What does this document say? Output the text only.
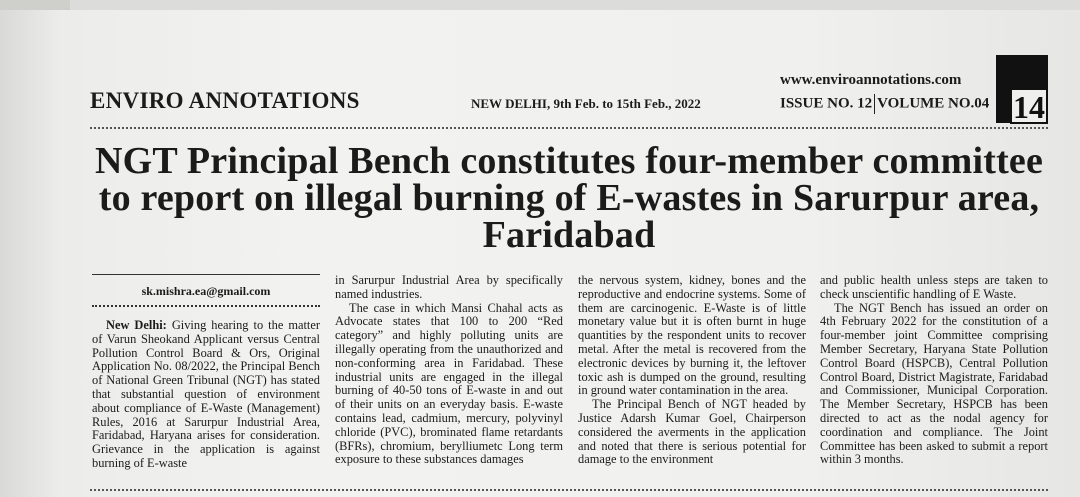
www.enviroannotations.com
14
ENVIRO ANNOTATIONS	NEW DELHI, 9th Feb. to 15th Feb., 2022	ISSUE NO. 12 VOLUME NO.04
NGT Principal Bench constitutes four-member committee to report on illegal burning of E-wastes in Sarurpur area, Faridabad
sk.mishra.ea@gmail.com

New Delhi: Giving hearing to the matter of Varun Sheokand Applicant versus Central Pollution Control Board & Ors, Original Application No. 08/2022, the Principal Bench of National Green Tribunal (NGT) has stated that substantial question of environment about compliance of E-Waste (Management) Rules, 2016 at Sarurpur Industrial Area, Faridabad, Haryana arises for consideration. Grievance in the application is against burning of E-waste

in Sarurpur Industrial Area by specifically named industries.

The case in which Mansi Chahal acts as Advocate states that 100 to 200 “Red category” and highly polluting units are illegally operating from the unauthorized and non-conforming area in Faridabad. These industrial units are engaged in the illegal burning of 40-50 tons of E-waste in and out of their units on an everyday basis. E-waste contains lead, cadmium, mercury, polyvinyl chloride (PVC), brominated flame retardants (BFRs), chromium, berylliumetc Long term exposure to these substances damages

the nervous system, kidney, bones and the reproductive and endocrine systems. Some of them are carcinogenic. E-Waste is of little monetary value but it is often burnt in huge quantities by the respondent units to recover metal. After the metal is recovered from the electronic devices by burning it, the leftover toxic ash is dumped on the ground, resulting in ground water contamination in the area.

The Principal Bench of NGT headed by Justice Adarsh Kumar Goel, Chairperson considered the averments in the application and noted that there is serious potential for damage to the environment

and public health unless steps are taken to check unscientific handling of E Waste.

The NGT Bench has issued an order on 4th February 2022 for the constitution of a four-member joint Committee comprising Member Secretary, Haryana State Pollution Control Board (HSPCB), Central Pollution Control Board, District Magistrate, Faridabad and Commissioner, Municipal Corporation. The Member Secretary, HSPCB has been directed to act as the nodal agency for coordination and compliance. The Joint Committee has been asked to submit a report within 3 months.
